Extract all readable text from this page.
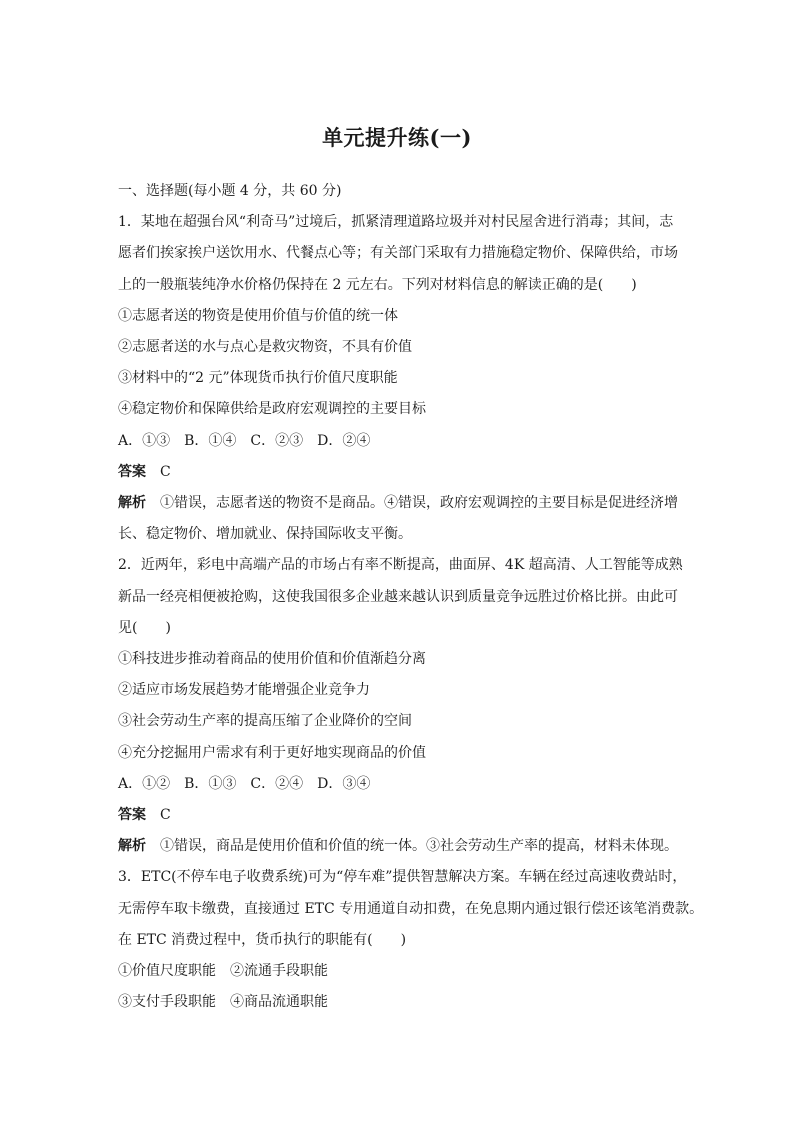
单元提升练(一)
一、选择题(每小题 4 分，共 60 分)
1．某地在超强台风“利奇马”过境后，抓紧清理道路垃圾并对村民屋舍进行消毒；其间，志
愿者们挨家挨户送饮用水、代餐点心等；有关部门采取有力措施稳定物价、保障供给，市场
上的一般瓶装纯净水价格仍保持在 2 元左右。下列对材料信息的解读正确的是(　　)
①志愿者送的物资是使用价值与价值的统一体
②志愿者送的水与点心是救灾物资，不具有价值
③材料中的“2 元”体现货币执行价值尺度职能
④稳定物价和保障供给是政府宏观调控的主要目标
A．①③　B．①④　C．②③　D．②④
答案 C
解析 ①错误，志愿者送的物资不是商品。④错误，政府宏观调控的主要目标是促进经济增
长、稳定物价、增加就业、保持国际收支平衡。
2．近两年，彩电中高端产品的市场占有率不断提高，曲面屏、4K 超高清、人工智能等成熟
新品一经亮相便被抢购，这使我国很多企业越来越认识到质量竞争远胜过价格比拼。由此可
见(　　)
①科技进步推动着商品的使用价值和价值渐趋分离
②适应市场发展趋势才能增强企业竞争力
③社会劳动生产率的提高压缩了企业降价的空间
④充分挖掘用户需求有利于更好地实现商品的价值
A．①②　B．①③　C．②④　D．③④
答案 C
解析 ①错误，商品是使用价值和价值的统一体。③社会劳动生产率的提高，材料未体现。
3．ETC(不停车电子收费系统)可为“停车难”提供智慧解决方案。车辆在经过高速收费站时，
无需停车取卡缴费，直接通过 ETC 专用通道自动扣费，在免息期内通过银行偿还该笔消费款。
在 ETC 消费过程中，货币执行的职能有(　　)
①价值尺度职能　②流通手段职能
③支付手段职能　④商品流通职能
